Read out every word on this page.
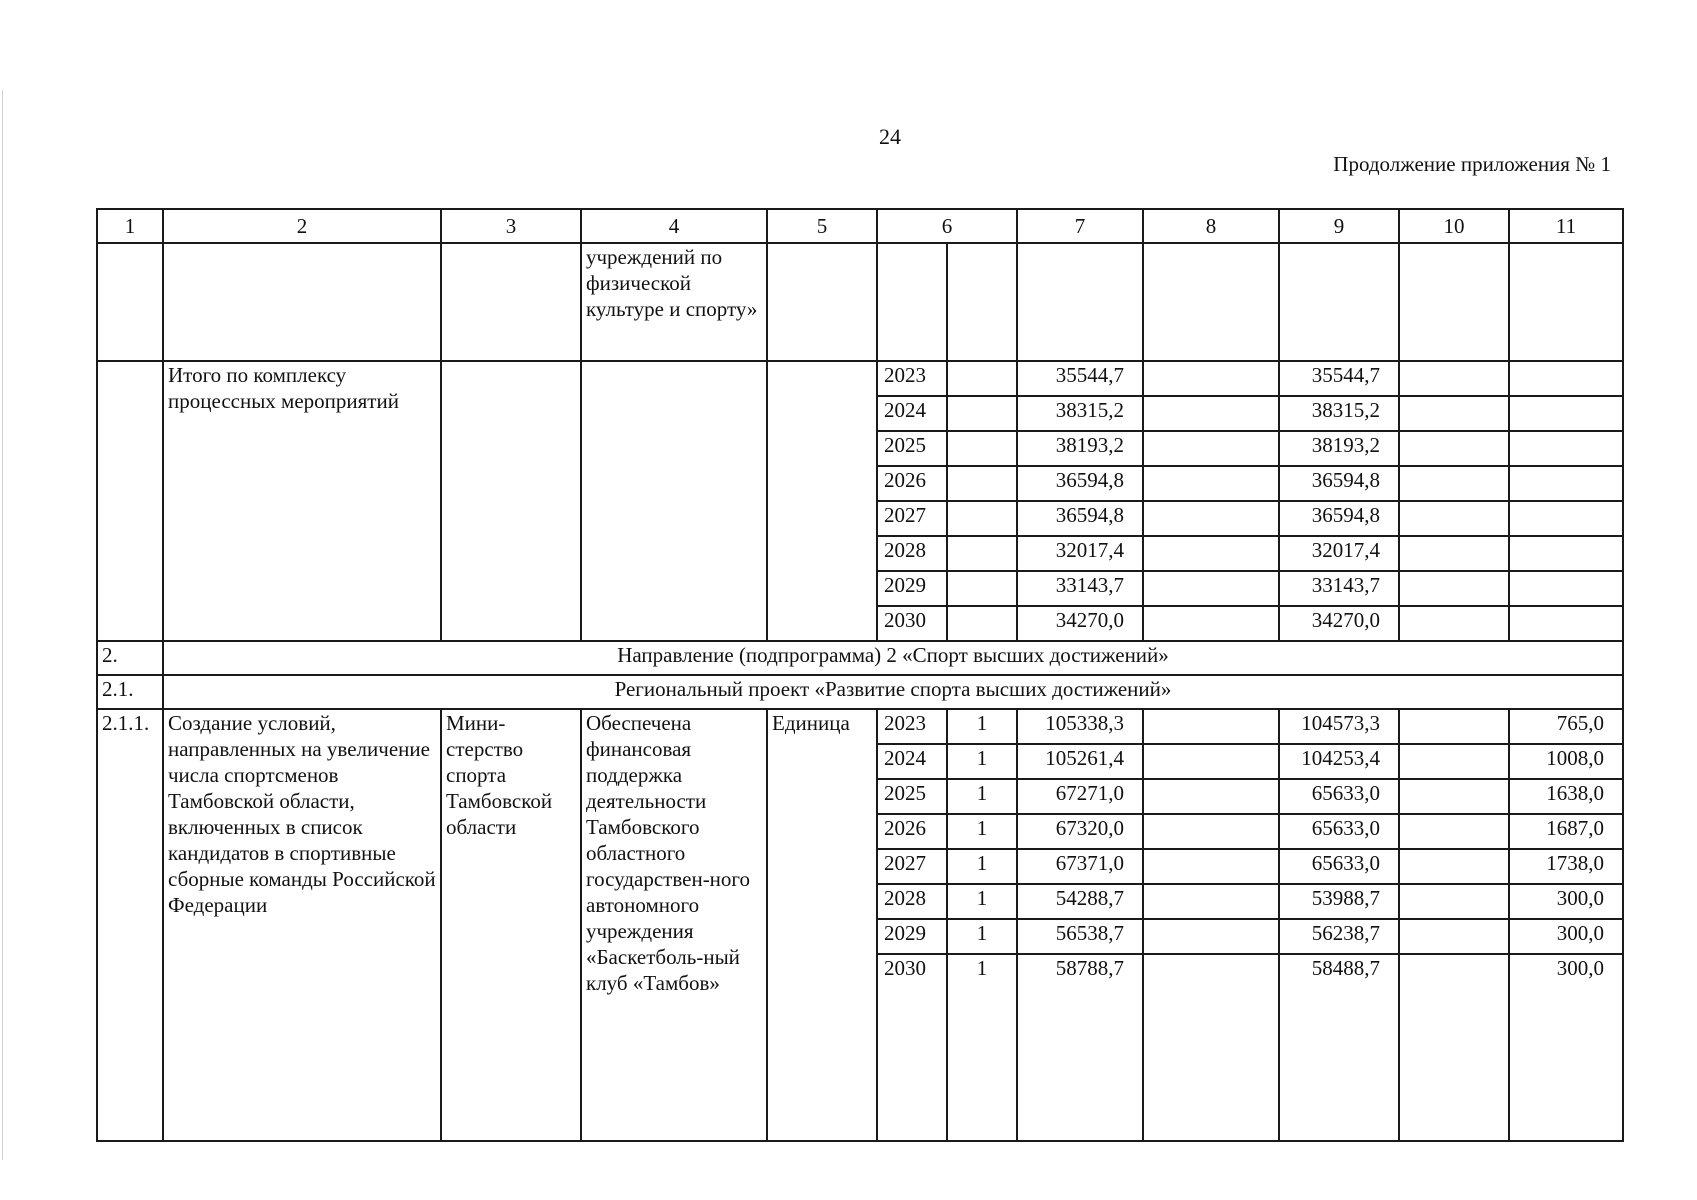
24
Продолжение приложения № 1
1	2	3	4	5	6		7	8	9	10	11
			учреждений по физической культуре и спорту»								
	Итого по комплексу процессных мероприятий				2023		35544,7		35544,7		
					2024		38315,2		38315,2		
					2025		38193,2		38193,2		
					2026		36594,8		36594,8		
					2027		36594,8		36594,8		
					2028		32017,4		32017,4		
					2029		33143,7		33143,7		
					2030		34270,0		34270,0		
2.	Направление (подпрограмма) 2 «Спорт высших достижений»										
2.1.	Региональный проект «Развитие спорта высших достижений»										
2.1.1.	Создание условий, направленных на увеличение числа спортсменов Тамбовской области, включенных в список кандидатов в спортивные сборные команды Российской Федерации	Мини-стерство спорта Тамбовской области	Обеспечена финансовая поддержка деятельности Тамбовского областного государствен-ного автономного учреждения «Баскетболь-ный клуб «Тамбов»	Единица	2023	1	105338,3		104573,3		765,0
					2024	1	105261,4		104253,4		1008,0
					2025	1	67271,0		65633,0		1638,0
					2026	1	67320,0		65633,0		1687,0
					2027	1	67371,0		65633,0		1738,0
					2028	1	54288,7		53988,7		300,0
					2029	1	56538,7		56238,7		300,0
					2030	1	58788,7		58488,7		300,0
